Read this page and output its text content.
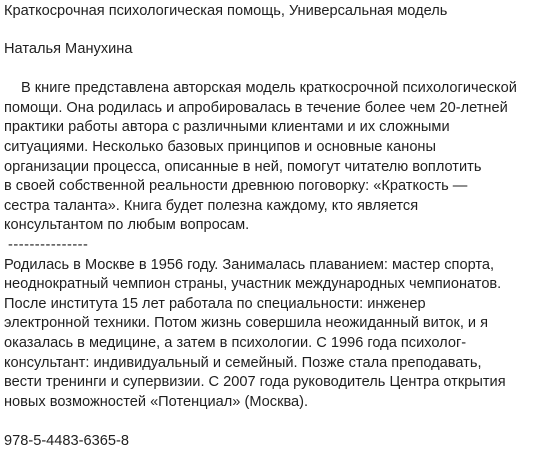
Краткосрочная психологическая помощь, Универсальная модель
Наталья Манухина
В книге представлена авторская модель краткосрочной психологической
помощи. Она родилась и апробировалась в течение более чем 20-летней
практики работы автора с различными клиентами и их сложными
ситуациями. Несколько базовых принципов и основные каноны
организации процесса, описанные в ней, помогут читателю воплотить
в своей собственной реальности древнюю поговорку: «Краткость —
сестра таланта». Книга будет полезна каждому, кто является
консультантом по любым вопросам.
---------------
Родилась в Москве в 1956 году. Занималась плаванием: мастер спорта,
неоднократный чемпион страны, участник международных чемпионатов.
После института 15 лет работала по специальности: инженер
электронной техники. Потом жизнь совершила неожиданный виток, и я
оказалась в медицине, а затем в психологии. С 1996 года психолог-
консультант: индивидуальный и семейный. Позже стала преподавать,
вести тренинги и супервизии. С 2007 года руководитель Центра открытия
новых возможностей «Потенциал» (Москва).
978-5-4483-6365-8
